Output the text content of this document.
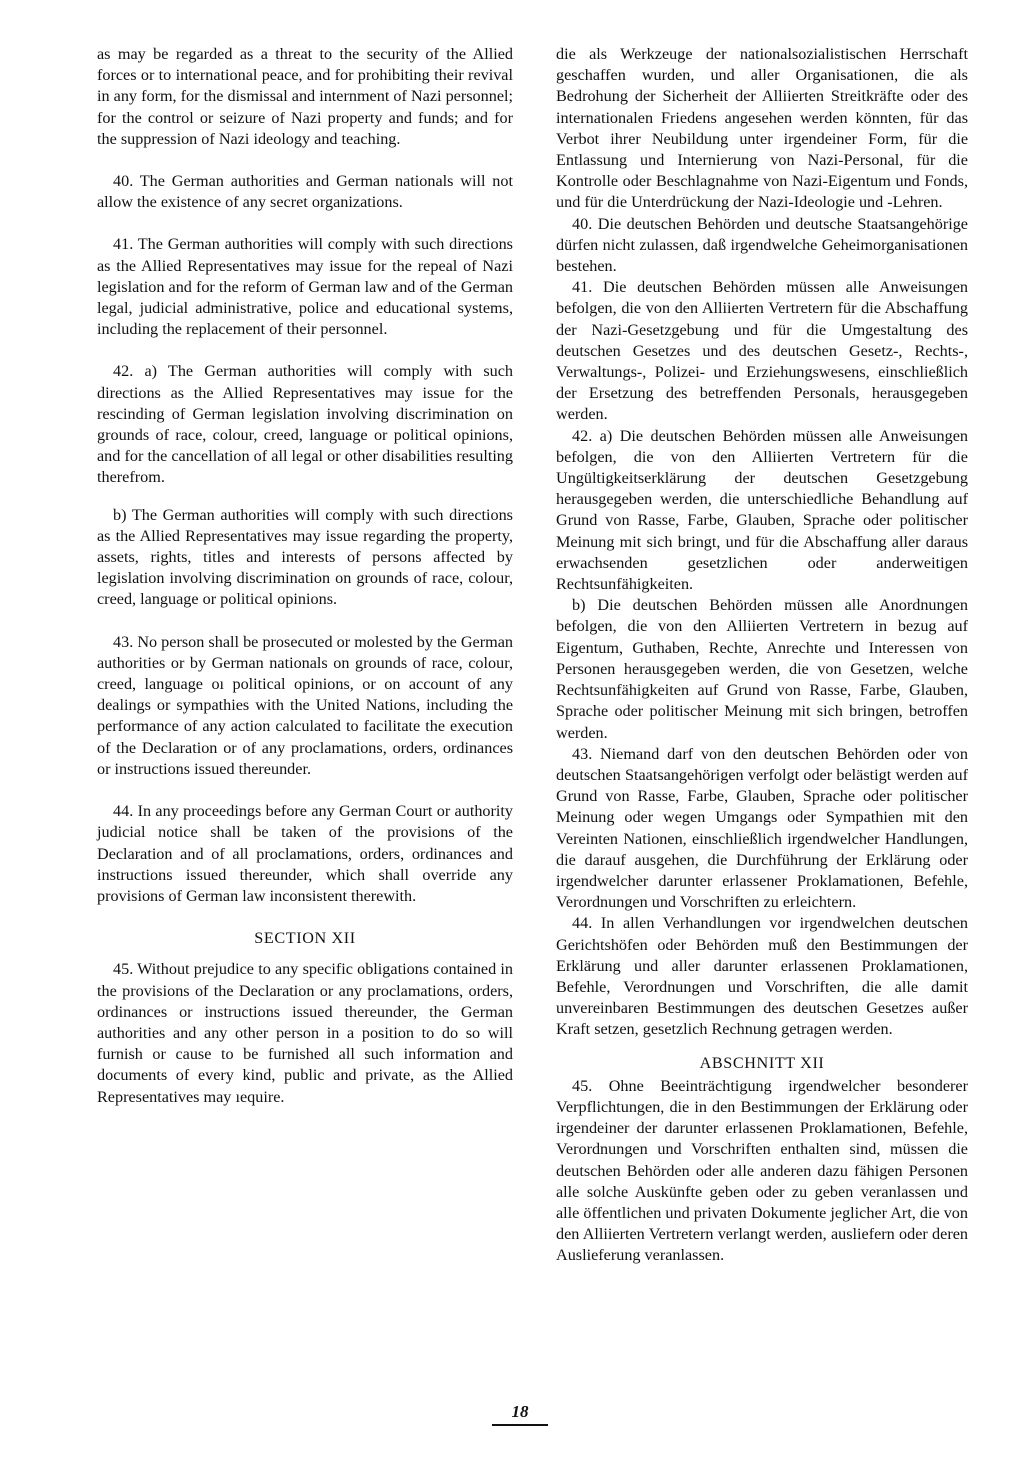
as may be regarded as a threat to the security of the Allied forces or to international peace, and for prohibiting their revival in any form, for the dismissal and internment of Nazi personnel; for the control or seizure of Nazi property and funds; and for the suppression of Nazi ideology and teaching.

40. The German authorities and German nationals will not allow the existence of any secret organizations.

41. The German authorities will comply with such directions as the Allied Representatives may issue for the repeal of Nazi legislation and for the reform of German law and of the German legal, judicial administrative, police and educational systems, including the replacement of their personnel.

42. a) The German authorities will comply with such directions as the Allied Representatives may issue for the rescinding of German legislation involving discrimination on grounds of race, colour, creed, language or political opinions, and for the cancellation of all legal or other disabilities resulting therefrom.

b) The German authorities will comply with such directions as the Allied Representatives may issue regarding the property, assets, rights, titles and interests of persons affected by legislation involving discrimination on grounds of race, colour, creed, language or political opinions.

43. No person shall be prosecuted or molested by the German authorities or by German nationals on grounds of race, colour, creed, language oı political opinions, or on account of any dealings or sympathies with the United Nations, including the performance of any action calculated to facilitate the execution of the Declaration or of any proclamations, orders, ordinances or instructions issued thereunder.

44. In any proceedings before any German Court or authority judicial notice shall be taken of the provisions of the Declaration and of all proclamations, orders, ordinances and instructions issued thereunder, which shall override any provisions of German law inconsistent therewith.

SECTION XII

45. Without prejudice to any specific obligations contained in the provisions of the Declaration or any proclamations, orders, ordinances or instructions issued thereunder, the German authorities and any other person in a position to do so will furnish or cause to be furnished all such information and documents of every kind, public and private, as the Allied Representatives may ıequire.

die als Werkzeuge der nationalsozialistischen Herrschaft geschaffen wurden, und aller Organisationen, die als Bedrohung der Sicherheit der Alliierten Streitkräfte oder des internationalen Friedens angesehen werden könnten, für das Verbot ihrer Neubildung unter irgendeiner Form, für die Entlassung und Internierung von Nazi-Personal, für die Kontrolle oder Beschlagnahme von Nazi-Eigentum und Fonds, und für die Unterdrückung der Nazi-Ideologie und -Lehren.

40. Die deutschen Behörden und deutsche Staatsangehörige dürfen nicht zulassen, daß irgendwelche Geheimorganisationen bestehen.

41. Die deutschen Behörden müssen alle Anweisungen befolgen, die von den Alliierten Vertretern für die Abschaffung der Nazi-Gesetzgebung und für die Umgestaltung des deutschen Gesetzes und des deutschen Gesetz-, Rechts-, Verwaltungs-, Polizei- und Erziehungswesens, einschließlich der Ersetzung des betreffenden Personals, herausgegeben werden.

42. a) Die deutschen Behörden müssen alle Anweisungen befolgen, die von den Alliierten Vertretern für die Ungültigkeitserklärung der deutschen Gesetzgebung herausgegeben werden, die unterschiedliche Behandlung auf Grund von Rasse, Farbe, Glauben, Sprache oder politischer Meinung mit sich bringt, und für die Abschaffung aller daraus erwachsenden gesetzlichen oder anderweitigen Rechtsunfähigkeiten.

b) Die deutschen Behörden müssen alle Anordnungen befolgen, die von den Alliierten Vertretern in bezug auf Eigentum, Guthaben, Rechte, Anrechte und Interessen von Personen herausgegeben werden, die von Gesetzen, welche Rechtsunfähigkeiten auf Grund von Rasse, Farbe, Glauben, Sprache oder politischer Meinung mit sich bringen, betroffen werden.

43. Niemand darf von den deutschen Behörden oder von deutschen Staatsangehörigen verfolgt oder belästigt werden auf Grund von Rasse, Farbe, Glauben, Sprache oder politischer Meinung oder wegen Umgangs oder Sympathien mit den Vereinten Nationen, einschließlich irgendwelcher Handlungen, die darauf ausgehen, die Durchführung der Erklärung oder irgendwelcher darunter erlassener Proklamationen, Befehle, Verordnungen und Vorschriften zu erleichtern.

44. In allen Verhandlungen vor irgendwelchen deutschen Gerichtshöfen oder Behörden muß den Bestimmungen der Erklärung und aller darunter erlassenen Proklamationen, Befehle, Verordnungen und Vorschriften, die alle damit unvereinbaren Bestimmungen des deutschen Gesetzes außer Kraft setzen, gesetzlich Rechnung getragen werden.

ABSCHNITT XII

45. Ohne Beeinträchtigung irgendwelcher besonderer Verpflichtungen, die in den Bestimmungen der Erklärung oder irgendeiner der darunter erlassenen Proklamationen, Befehle, Verordnungen und Vorschriften enthalten sind, müssen die deutschen Behörden oder alle anderen dazu fähigen Personen alle solche Auskünfte geben oder zu geben veranlassen und alle öffentlichen und privaten Dokumente jeglicher Art, die von den Alliierten Vertretern verlangt werden, ausliefern oder deren Auslieferung veranlassen.

18
